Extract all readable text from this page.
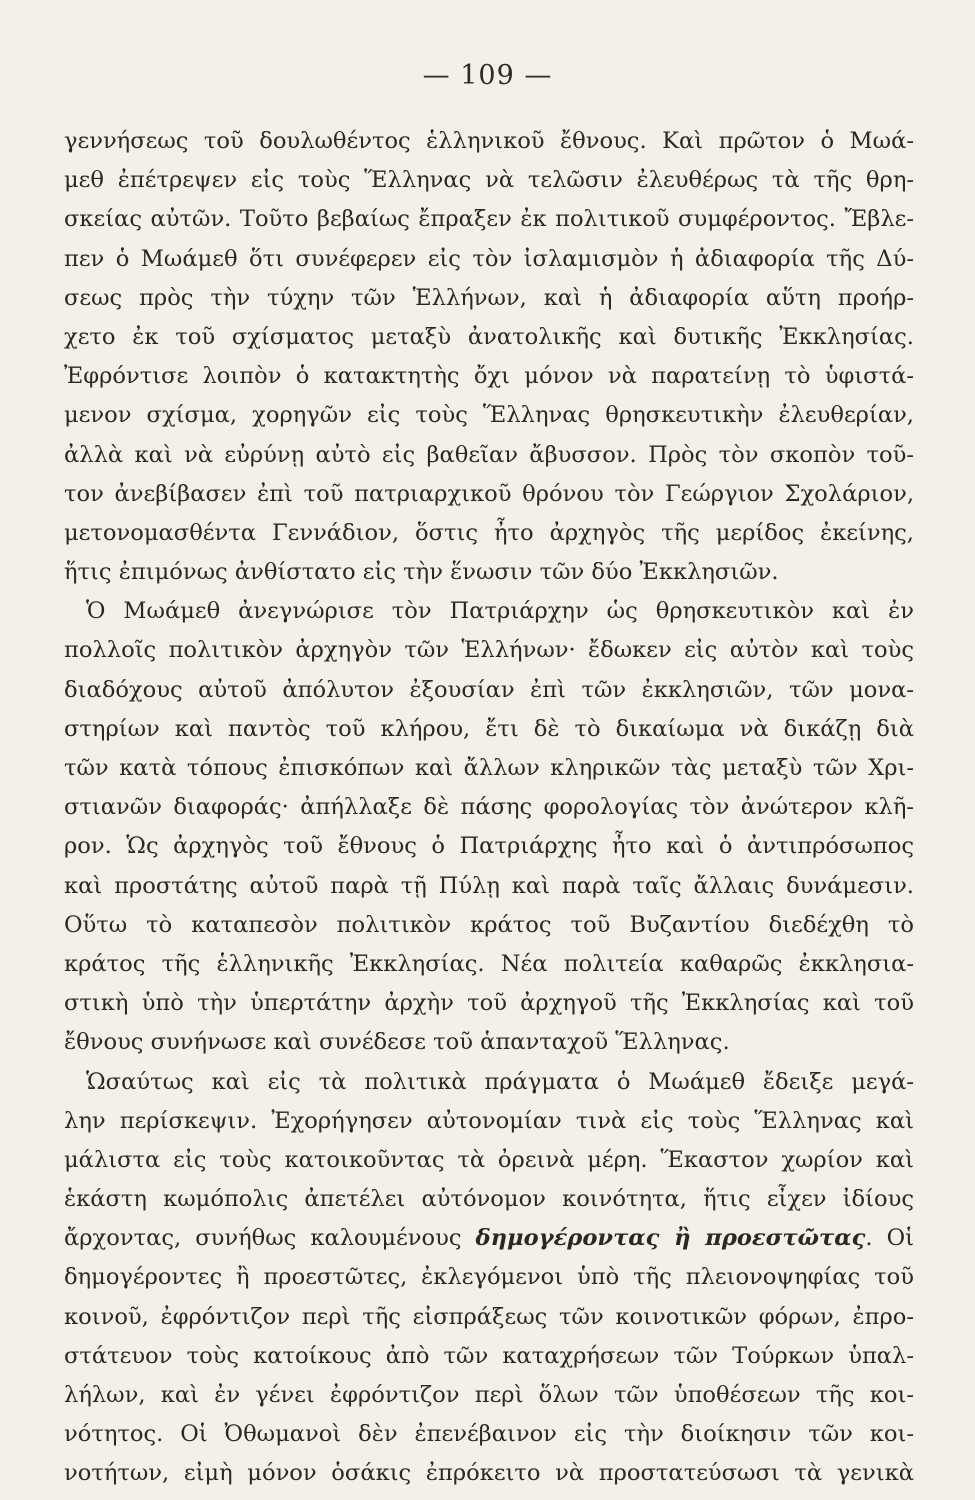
— 109 —
γεννήσεως τοῦ δουλωθέντος ἑλληνικοῦ ἔθνους. Καὶ πρῶτον ὁ Μωά-
μεθ ἐπέτρεψεν εἰς τοὺς Ἕλληνας νὰ τελῶσιν ἐλευθέρως τὰ τῆς θρη-
σκείας αὐτῶν. Τοῦτο βεβαίως ἔπραξεν ἐκ πολιτικοῦ συμφέροντος. Ἔβλε-
πεν ὁ Μωάμεθ ὅτι συνέφερεν εἰς τὸν ἰσλαμισμὸν ἡ ἀδιαφορία τῆς Δύ-
σεως πρὸς τὴν τύχην τῶν Ἑλλήνων, καὶ ἡ ἀδιαφορία αὕτη προήρ-
χετο ἐκ τοῦ σχίσματος μεταξὺ ἀνατολικῆς καὶ δυτικῆς Ἐκκλησίας.
Ἐφρόντισε λοιπὸν ὁ κατακτητὴς ὄχι μόνον νὰ παρατείνῃ τὸ ὑφιστά-
μενον σχίσμα, χορηγῶν εἰς τοὺς Ἕλληνας θρησκευτικὴν ἐλευθερίαν,
ἀλλὰ καὶ νὰ εὐρύνῃ αὐτὸ εἰς βαθεῖαν ἄβυσσον. Πρὸς τὸν σκοπὸν τοῦ-
τον ἀνεβίβασεν ἐπὶ τοῦ πατριαρχικοῦ θρόνου τὸν Γεώργιον Σχολάριον,
μετονομασθέντα Γεννάδιον, ὅστις ἦτο ἀρχηγὸς τῆς μερίδος ἐκείνης,
ἥτις ἐπιμόνως ἀνθίστατο εἰς τὴν ἕνωσιν τῶν δύο Ἐκκλησιῶν.
Ὁ Μωάμεθ ἀνεγνώρισε τὸν Πατριάρχην ὡς θρησκευτικὸν καὶ ἐν
πολλοῖς πολιτικὸν ἀρχηγὸν τῶν Ἑλλήνων· ἔδωκεν εἰς αὐτὸν καὶ τοὺς
διαδόχους αὐτοῦ ἀπόλυτον ἐξουσίαν ἐπὶ τῶν ἐκκλησιῶν, τῶν μονα-
στηρίων καὶ παντὸς τοῦ κλήρου, ἔτι δὲ τὸ δικαίωμα νὰ δικάζῃ διὰ
τῶν κατὰ τόπους ἐπισκόπων καὶ ἄλλων κληρικῶν τὰς μεταξὺ τῶν Χρι-
στιανῶν διαφοράς· ἀπήλλαξε δὲ πάσης φορολογίας τὸν ἀνώτερον κλῆ-
ρον. Ὡς ἀρχηγὸς τοῦ ἔθνους ὁ Πατριάρχης ἦτο καὶ ὁ ἀντιπρόσωπος
καὶ προστάτης αὐτοῦ παρὰ τῇ Πύλῃ καὶ παρὰ ταῖς ἄλλαις δυνάμεσιν.
Οὕτω τὸ καταπεσὸν πολιτικὸν κράτος τοῦ Βυζαντίου διεδέχθη τὸ
κράτος τῆς ἑλληνικῆς Ἐκκλησίας. Νέα πολιτεία καθαρῶς ἐκκλησια-
στικὴ ὑπὸ τὴν ὑπερτάτην ἀρχὴν τοῦ ἀρχηγοῦ τῆς Ἐκκλησίας καὶ τοῦ
ἔθνους συνήνωσε καὶ συνέδεσε τοῦ ἁπανταχοῦ Ἕλληνας.
Ὡσαύτως καὶ εἰς τὰ πολιτικὰ πράγματα ὁ Μωάμεθ ἔδειξε μεγά-
λην περίσκεψιν. Ἐχορήγησεν αὐτονομίαν τινὰ εἰς τοὺς Ἕλληνας καὶ
μάλιστα εἰς τοὺς κατοικοῦντας τὰ ὀρεινὰ μέρη. Ἕκαστον χωρίον καὶ
ἑκάστη κωμόπολις ἀπετέλει αὐτόνομον κοινότητα, ἥτις εἶχεν ἰδίους
ἄρχοντας, συνήθως καλουμένους δημογέροντας ἢ προεστῶτας. Οἱ
δημογέροντες ἢ προεστῶτες, ἐκλεγόμενοι ὑπὸ τῆς πλειονοψηφίας τοῦ
κοινοῦ, ἐφρόντιζον περὶ τῆς εἰσπράξεως τῶν κοινοτικῶν φόρων, ἐπρο-
στάτευον τοὺς κατοίκους ἀπὸ τῶν καταχρήσεων τῶν Τούρκων ὑπαλ-
λήλων, καὶ ἐν γένει ἐφρόντιζον περὶ ὅλων τῶν ὑποθέσεων τῆς κοι-
νότητος. Οἱ Ὀθωμανοὶ δὲν ἐπενέβαινον εἰς τὴν διοίκησιν τῶν κοι-
νοτήτων, εἰμὴ μόνον ὁσάκις ἐπρόκειτο νὰ προστατεύσωσι τὰ γενικὰ
